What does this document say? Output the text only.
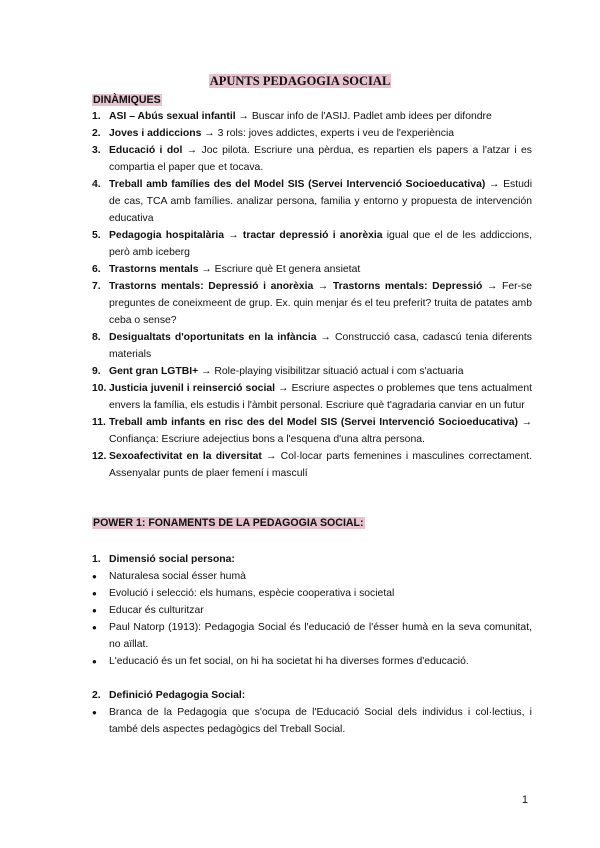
APUNTS PEDAGOGIA SOCIAL
DINÀMIQUES
1. ASI – Abús sexual infantil → Buscar info de l'ASIJ. Padlet amb idees per difondre
2. Joves i addiccions → 3 rols: joves addictes, experts i veu de l'experiència
3. Educació i dol → Joc pilota. Escriure una pèrdua, es repartien els papers a l'atzar i es compartia el paper que et tocava.
4. Treball amb famílies des del Model SIS (Servei Intervenció Socioeducativa) → Estudi de cas, TCA amb famílies. analizar persona, familia y entorno y propuesta de intervención educativa
5. Pedagogia hospitalària → tractar depressió i anorèxia igual que el de les addiccions, però amb iceberg
6. Trastorns mentals → Escriure què Et genera ansietat
7. Trastorns mentals: Depressió i anorèxia → Trastorns mentals: Depressió → Fer-se preguntes de coneixmeent de grup. Ex. quin menjar és el teu preferit? truita de patates amb ceba o sense?
8. Desigualtats d'oportunitats en la infància → Construcció casa, cadascú tenia diferents materials
9. Gent gran LGTBI+ → Role-playing visibilitzar situació actual i com s'actuaria
10. Justicia juvenil i reinserció social → Escriure aspectes o problemes que tens actualment envers la família, els estudis i l'àmbit personal. Escriure què t'agradaria canviar en un futur
11. Treball amb infants en risc des del Model SIS (Servei Intervenció Socioeducativa) → Confiança: Escriure adejectius bons a l'esquena d'una altra persona.
12. Sexoafectivitat en la diversitat → Col·locar parts femenines i masculines correctament. Assenyalar punts de plaer femení i masculí
POWER 1: FONAMENTS DE LA PEDAGOGIA SOCIAL:
1. Dimensió social persona:
● Naturalesa social ésser humà
● Evolució i selecció: els humans, espècie cooperativa i societal
● Educar és culturitzar
● Paul Natorp (1913): Pedagogia Social és l'educació de l'ésser humà en la seva comunitat, no aïllat.
● L'educació és un fet social, on hi ha societat hi ha diverses formes d'educació.
2. Definició Pedagogia Social:
● Branca de la Pedagogia que s'ocupa de l'Educació Social dels individus i col·lectius, i també dels aspectes pedagògics del Treball Social.
1
